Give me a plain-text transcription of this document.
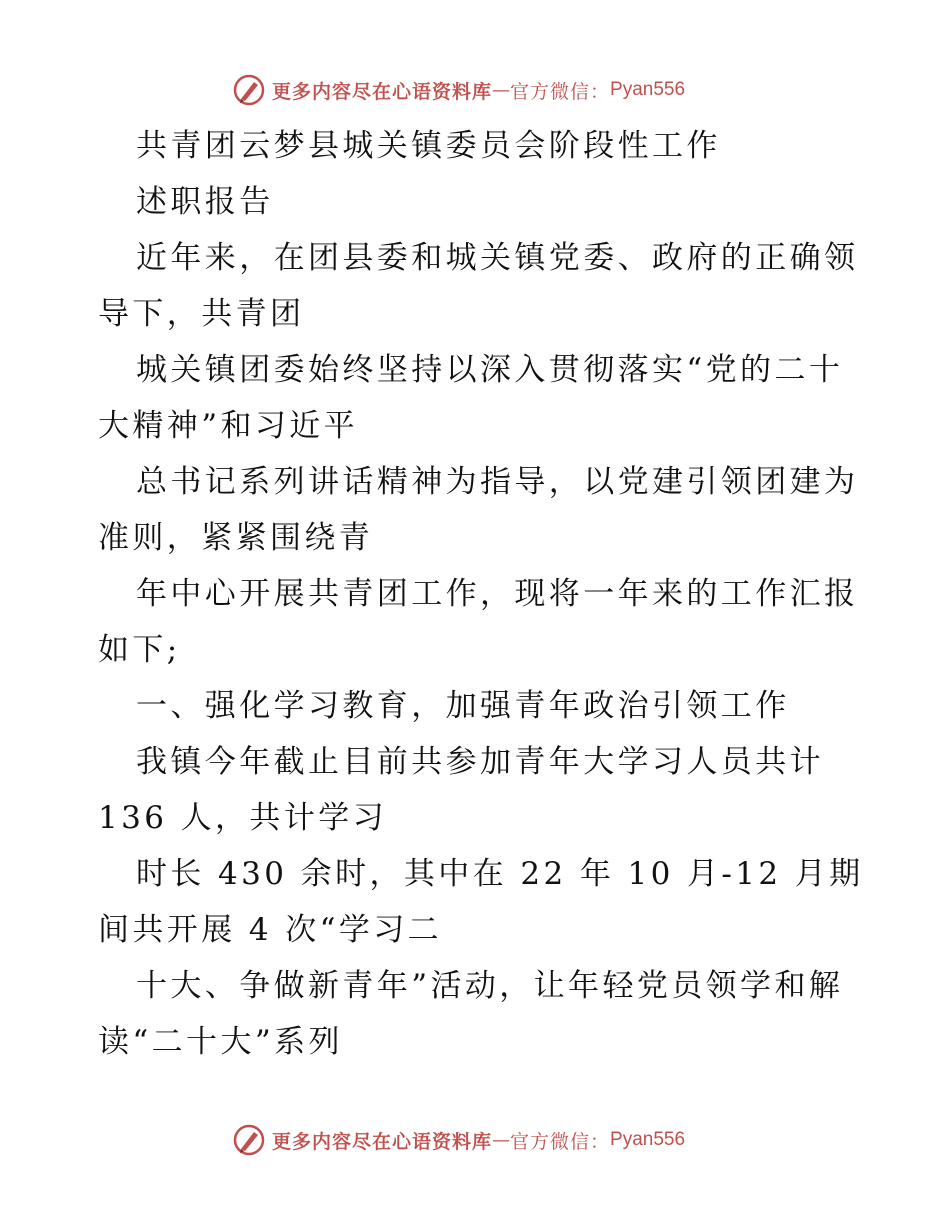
更多内容尽在心语资料库 — 官方微信： Pyan556
共青团云梦县城关镇委员会阶段性工作
述职报告
近年来，在团县委和城关镇党委、政府的正确领
导下，共青团
城关镇团委始终坚持以深入贯彻落实“党的二十
大精神”和习近平
总书记系列讲话精神为指导，以党建引领团建为
准则，紧紧围绕青
年中心开展共青团工作，现将一年来的工作汇报
如下;
一、强化学习教育，加强青年政治引领工作
我镇今年截止目前共参加青年大学习人员共计
136 人，共计学习
时长 430 余时，其中在 22 年 10 月-12 月期
间共开展 4 次“学习二
十大、争做新青年”活动，让年轻党员领学和解
读“二十大”系列
更多内容尽在心语资料库 — 官方微信： Pyan556
